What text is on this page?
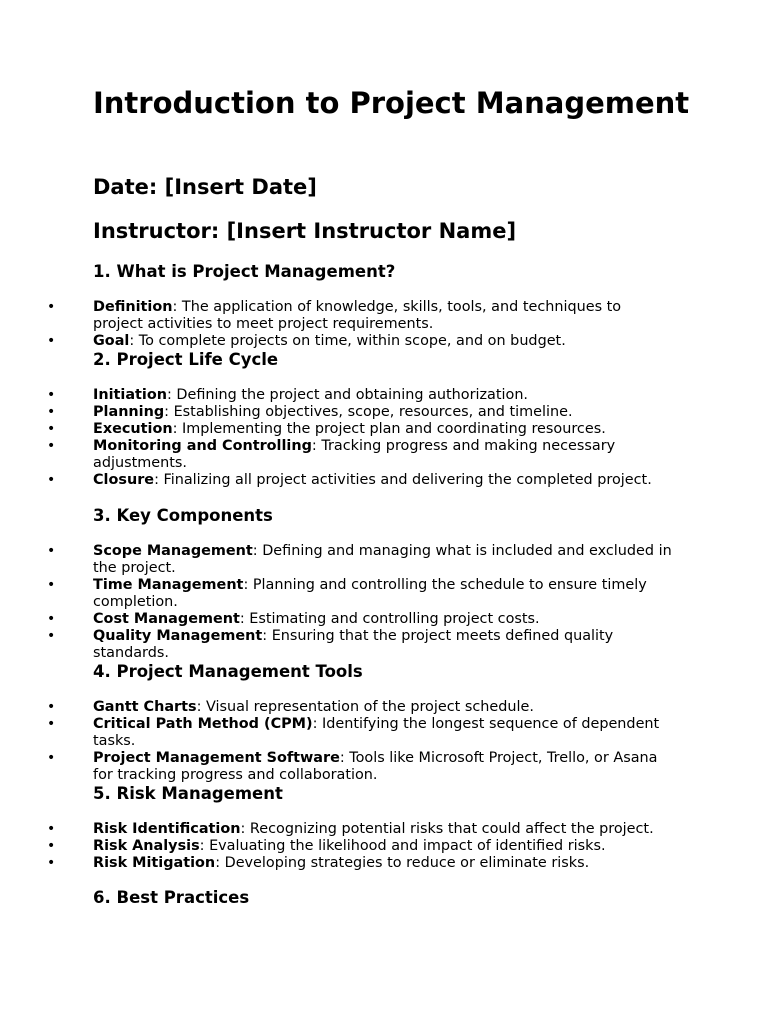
Introduction to Project Management
Date: [Insert Date]
Instructor: [Insert Instructor Name]
1. What is Project Management?
•	Definition: The application of knowledge, skills, tools, and techniques to project activities to meet project requirements.
•	Goal: To complete projects on time, within scope, and on budget.
2. Project Life Cycle
•	Initiation: Defining the project and obtaining authorization.
•	Planning: Establishing objectives, scope, resources, and timeline.
•	Execution: Implementing the project plan and coordinating resources.
•	Monitoring and Controlling: Tracking progress and making necessary adjustments.
•	Closure: Finalizing all project activities and delivering the completed project.
3. Key Components
•	Scope Management: Defining and managing what is included and excluded in the project.
•	Time Management: Planning and controlling the schedule to ensure timely completion.
•	Cost Management: Estimating and controlling project costs.
•	Quality Management: Ensuring that the project meets defined quality standards.
4. Project Management Tools
•	Gantt Charts: Visual representation of the project schedule.
•	Critical Path Method (CPM): Identifying the longest sequence of dependent tasks.
•	Project Management Software: Tools like Microsoft Project, Trello, or Asana for tracking progress and collaboration.
5. Risk Management
•	Risk Identification: Recognizing potential risks that could affect the project.
•	Risk Analysis: Evaluating the likelihood and impact of identified risks.
•	Risk Mitigation: Developing strategies to reduce or eliminate risks.
6. Best Practices
